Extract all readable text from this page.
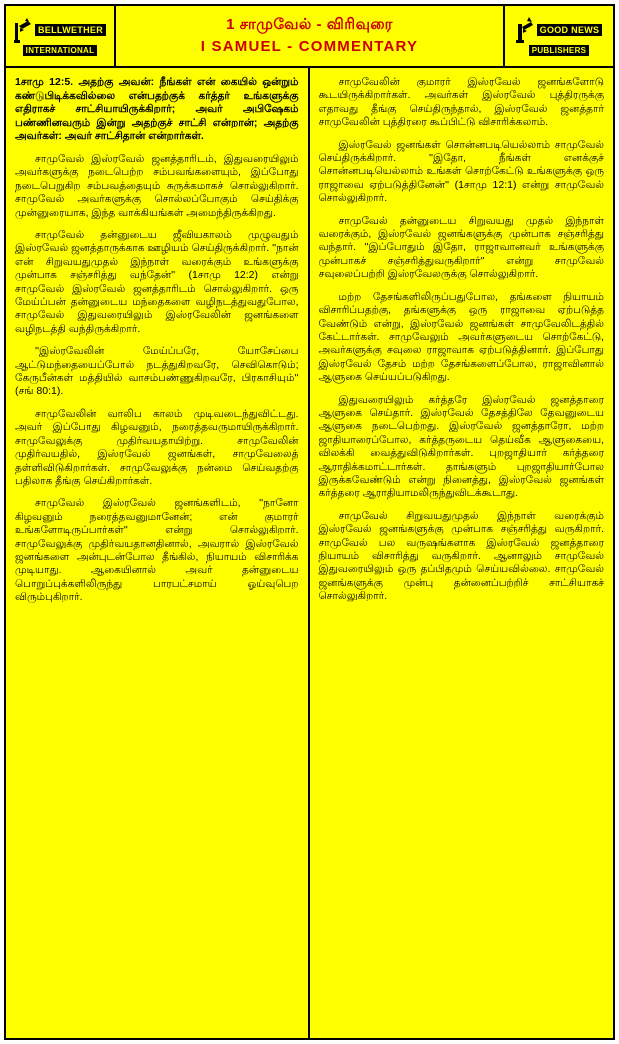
BELLWETHER
INTERNATIONAL
1 சாமுவேல் - விரிவுரை
I SAMUEL - COMMENTARY
GOOD NEWS
PUBLISHERS

1சாமு 12:5. அதற்கு அவன்: நீங்கள் என் கையில் ஒன்றும் கண்டுபிடிக்கவில்லை என்பதற்குக் கர்த்தர் உங்களுக்கு எதிராகச் சாட்சியாயிருக்கிறார்; அவர் அபிஷேகம் பண்ணினவரும் இன்று அதற்குச் சாட்சி என்றான்; அதற்கு அவர்கள்: அவர் சாட்சிதான் என்றார்கள்.

சாமுவேல் இஸ்ரவேல் ஜனத்தாரிடம், இதுவரையிலும் அவர்களுக்கு நடைபெற்ற சம்பவங்களையும், இப்போது நடைபெறுகிற சம்பவத்தையும் சுருக்கமாகச் சொல்லுகிறார். சாமுவேல் அவர்களுக்கு சொல்லப்போகும் செய்திக்கு முன்னுரையாக, இந்த வாக்கியங்கள் அமைந்திருக்கிறது.

சாமுவேல் தன்னுடைய ஜீவியகாலம் முழுவதும் இஸ்ரவேல் ஜனத்தாருக்காக ஊழியம் செய்திருக்கிறார். ''நான் என் சிறுவயதுமுதல் இந்நாள் வரைக்கும் உங்களுக்கு முன்பாக சஞ்சரித்து வந்தேன்'' (1சாமு 12:2) என்று சாமுவேல் இஸ்ரவேல் ஜனத்தாரிடம் சொல்லுகிறார். ஒரு மேய்ப்பன் தன்னுடைய மந்தைகளை வழிநடத்துவதுபோல, சாமுவேல் இதுவரையிலும் இஸ்ரவேலின் ஜனங்களை வழிநடத்தி வந்திருக்கிறார்.

''இஸ்ரவேலின் மேய்ப்பரே, யோசேப்பை ஆட்டுமந்தையைப்போல் நடத்துகிறவரே, செவிகொடும்; கேருபீன்கள் மத்தியில் வாசம்பண்ணுகிறவரே, பிரகாசியும்'' (சங் 80:1).

சாமுவேலின் வாலிப காலம் முடிவடைந்துவிட்டது. அவர் இப்போது கிழவனும், நரைத்தவருமாயிருக்கிறார். சாமுவேலுக்கு முதிர்வயதாயிற்று. சாமுவேலின் முதிர்வயதில், இஸ்ரவேல் ஜனங்கள், சாமுவேலைத் தள்ளிவிடுகிறார்கள். சாமுவேலுக்கு நன்மை செய்வதற்கு பதிலாக தீங்கு செய்கிறார்கள்.

சாமுவேல் இஸ்ரவேல் ஜனங்களிடம், ''நானோ கிழவனும் நரைத்தவனுமானேன்; என் குமாரர் உங்களோடிருப்பார்கள்'' என்று சொல்லுகிறார். சாமுவேலுக்கு முதிர்வயதானதினால், அவரால் இஸ்ரவேல் ஜனங்களை அன்புடன்போல தீங்கில், நியாயம் விசாரிக்க முடியாது. ஆகையினால் அவர் தன்னுடைய பொறுப்புக்களிலிருந்து பாரபட்சமாய் ஓய்வுபெற விரும்புகிறார்.

சாமுவேலின் குமாரர் இஸ்ரவேல் ஜனங்களோடு கூடயிருக்கிறார்கள். அவர்கள் இஸ்ரவேல் புத்திரருக்கு எதாவது தீங்கு செய்திருந்தால், இஸ்ரவேல் ஜனத்தார் சாமுவேலின் புத்திரரை கூப்பிட்டு விசாரிக்கலாம்.

இஸ்ரவேல் ஜனங்கள் சொன்னபடியெல்லாம் சாமுவேல் செய்திருக்கிறார். ''இதோ, நீங்கள் எனக்குச் சொன்னபடியெல்லாம் உங்கள் சொற்கேட்டு உங்களுக்கு ஒரு ராஜாவை ஏற்படுத்தினேன்'' (1சாமு 12:1) என்று சாமுவேல் சொல்லுகிறார்.

சாமுவேல் தன்னுடைய சிறுவயது முதல் இந்நாள் வரைக்கும், இஸ்ரவேல் ஜனங்களுக்கு முன்பாக சஞ்சரித்து வந்தார். ''இப்போதும் இதோ, ராஜாவானவர் உங்களுக்கு முன்பாகச் சஞ்சரித்துவருகிறார்'' என்று சாமுவேல் சவுலைப்பற்றி இஸ்ரவேலருக்கு சொல்லுகிறார்.

மற்ற தேசங்களிலிருப்பதுபோல, தங்களை நியாயம் விசாரிப்பதற்கு, தங்களுக்கு ஒரு ராஜாவை ஏற்படுத்த வேண்டும் என்று, இஸ்ரவேல் ஜனங்கள் சாமுவேலிடத்தில் கேட்டார்கள். சாமுவேலும் அவர்களுடைய சொற்கேட்டு, அவர்களுக்கு சவுலை ராஜாவாக ஏற்படுத்தினார். இப்போது இஸ்ரவேல் தேசம் மற்ற தேசங்களைப்போல, ராஜாவினால் ஆளுகை செய்யப்படுகிறது.

இதுவரையிலும் கர்த்தரே இஸ்ரவேல் ஜனத்தாரை ஆளுகை செய்தார். இஸ்ரவேல் தேசத்திலே தேவனுடைய ஆளுகை நடைபெற்றது. இஸ்ரவேல் ஜனத்தாரோ, மற்ற ஜாதியாரைப்போல, கர்த்தருடைய தெய்வீக ஆளுகையை, விலக்கி வைத்துவிடுகிறார்கள். புறஜாதியார் கர்த்தரை ஆராதிக்கமாட்டார்கள். தாங்களும் புறஜாதியார்போல இருக்கவேண்டும் என்று நினைத்து, இஸ்ரவேல் ஜனங்கள் கர்த்தரை ஆராதியாமலிருந்துவிடக்கூடாது.

சாமுவேல் சிறுவயதுமுதல் இந்நாள் வரைக்கும் இஸ்ரவேல் ஜனங்களுக்கு முன்பாக சஞ்சரித்து வருகிறார். சாமுவேல் பல வருஷங்களாக இஸ்ரவேல் ஜனத்தாரை நியாயம் விசாரித்து வருகிறார். ஆனாலும் சாமுவேல் இதுவரையிலும் ஒரு தப்பிதமும் செய்யவில்லை. சாமுவேல் ஜனங்களுக்கு முன்பு தன்னைப்பற்றிச் சாட்சியாகச் சொல்லுகிறார்.
